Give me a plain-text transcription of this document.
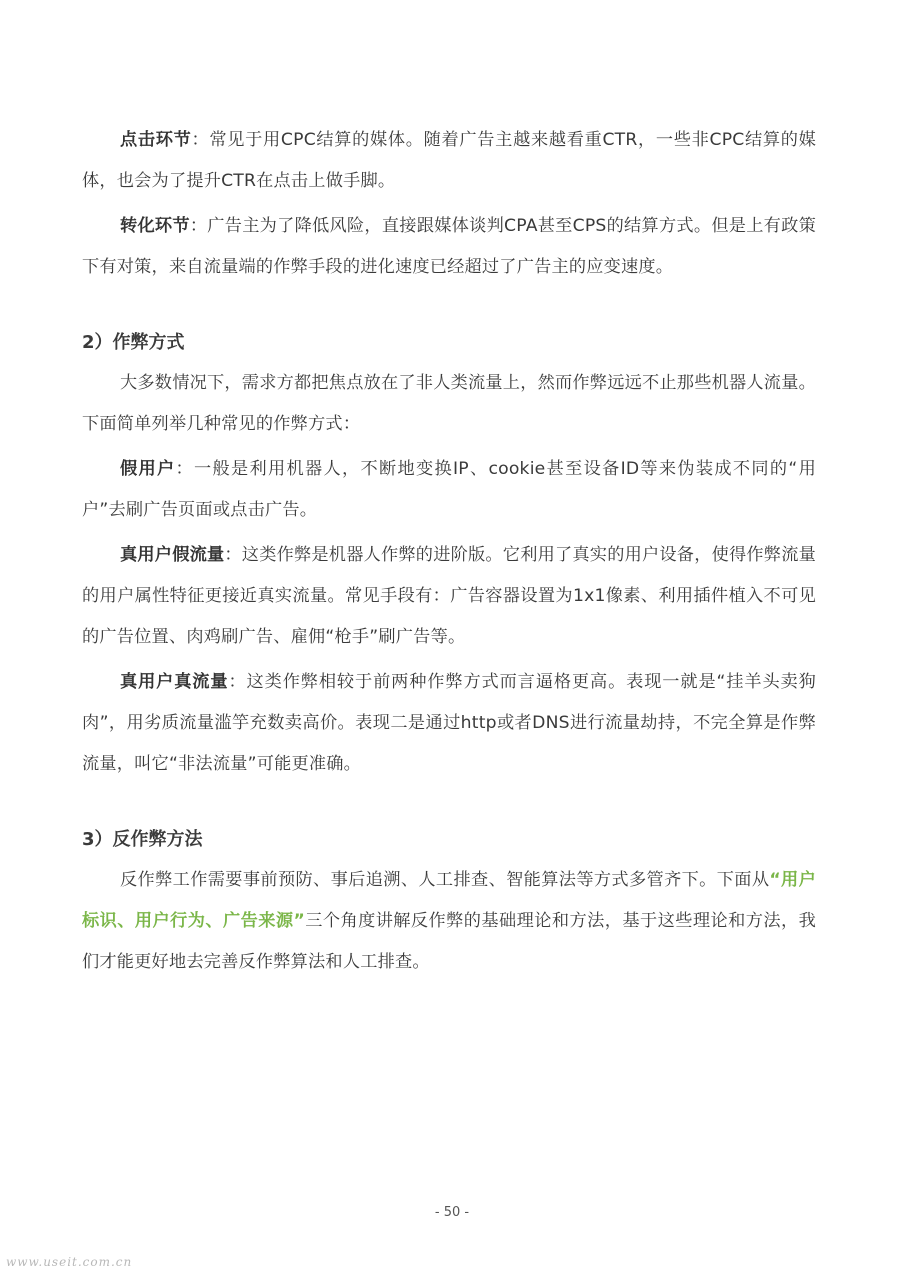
点击环节：常见于用CPC结算的媒体。随着广告主越来越看重CTR，一些非CPC结算的媒体，也会为了提升CTR在点击上做手脚。

转化环节：广告主为了降低风险，直接跟媒体谈判CPA甚至CPS的结算方式。但是上有政策下有对策，来自流量端的作弊手段的进化速度已经超过了广告主的应变速度。

2）作弊方式

大多数情况下，需求方都把焦点放在了非人类流量上，然而作弊远远不止那些机器人流量。下面简单列举几种常见的作弊方式：

假用户：一般是利用机器人，不断地变换IP、cookie甚至设备ID等来伪装成不同的“用户”去刷广告页面或点击广告。

真用户假流量：这类作弊是机器人作弊的进阶版。它利用了真实的用户设备，使得作弊流量的用户属性特征更接近真实流量。常见手段有：广告容器设置为1x1像素、利用插件植入不可见的广告位置、肉鸡刷广告、雇佣“枪手”刷广告等。

真用户真流量：这类作弊相较于前两种作弊方式而言逼格更高。表现一就是“挂羊头卖狗肉”，用劣质流量滥竽充数卖高价。表现二是通过http或者DNS进行流量劫持，不完全算是作弊流量，叫它“非法流量”可能更准确。

3）反作弊方法

反作弊工作需要事前预防、事后追溯、人工排查、智能算法等方式多管齐下。下面从“用户标识、用户行为、广告来源”三个角度讲解反作弊的基础理论和方法，基于这些理论和方法，我们才能更好地去完善反作弊算法和人工排查。

- 50 -
www.useit.com.cn
